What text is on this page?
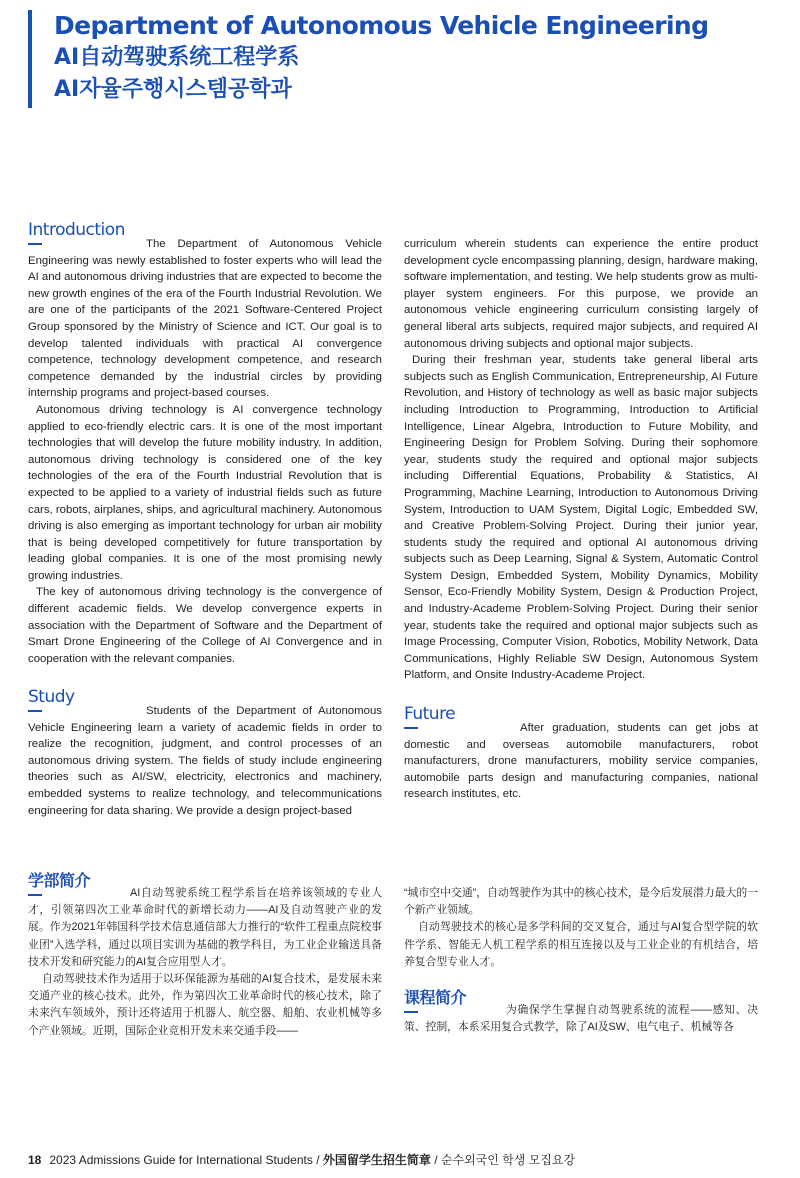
Department of Autonomous Vehicle Engineering
AI自动驾驶系统工程学系
AI자율주행시스템공학과
Introduction

The Department of Autonomous Vehicle Engineering was newly established to foster experts who will lead the AI and autonomous driving industries that are expected to become the new growth engines of the era of the Fourth Industrial Revolution. We are one of the participants of the 2021 Software-Centered Project Group sponsored by the Ministry of Science and ICT. Our goal is to develop talented individuals with practical AI convergence competence, technology development competence, and research competence demanded by the industrial circles by providing internship programs and project-based courses.

Autonomous driving technology is AI convergence technology applied to eco-friendly electric cars. It is one of the most important technologies that will develop the future mobility industry. In addition, autonomous driving technology is considered one of the key technologies of the era of the Fourth Industrial Revolution that is expected to be applied to a variety of industrial fields such as future cars, robots, airplanes, ships, and agricultural machinery. Autonomous driving is also emerging as important technology for urban air mobility that is being developed competitively for future transportation by leading global companies. It is one of the most promising newly growing industries.

The key of autonomous driving technology is the convergence of different academic fields. We develop convergence experts in association with the Department of Software and the Department of Smart Drone Engineering of the College of AI Convergence and in cooperation with the relevant companies.

Study

Students of the Department of Autonomous Vehicle Engineering learn a variety of academic fields in order to realize the recognition, judgment, and control processes of an autonomous driving system. The fields of study include engineering theories such as AI/SW, electricity, electronics and machinery, embedded systems to realize technology, and telecommunications engineering for data sharing. We provide a design project-based

curriculum wherein students can experience the entire product development cycle encompassing planning, design, hardware making, software implementation, and testing. We help students grow as multi-player system engineers. For this purpose, we provide an autonomous vehicle engineering curriculum consisting largely of general liberal arts subjects, required major subjects, and required AI autonomous driving subjects and optional major subjects.

During their freshman year, students take general liberal arts subjects such as English Communication, Entrepreneurship, AI Future Revolution, and History of technology as well as basic major subjects including Introduction to Programming, Introduction to Artificial Intelligence, Linear Algebra, Introduction to Future Mobility, and Engineering Design for Problem Solving. During their sophomore year, students study the required and optional major subjects including Differential Equations, Probability & Statistics, AI Programming, Machine Learning, Introduction to Autonomous Driving System, Introduction to UAM System, Digital Logic, Embedded SW, and Creative Problem-Solving Project. During their junior year, students study the required and optional AI autonomous driving subjects such as Deep Learning, Signal & System, Automatic Control System Design, Embedded System, Mobility Dynamics, Mobility Sensor, Eco-Friendly Mobility System, Design & Production Project, and Industry-Academe Problem-Solving Project. During their senior year, students take the required and optional major subjects such as Image Processing, Computer Vision, Robotics, Mobility Network, Data Communications, Highly Reliable SW Design, Autonomous System Platform, and Onsite Industry-Academe Project.

Future

After graduation, students can get jobs at domestic and overseas automobile manufacturers, robot manufacturers, drone manufacturers, mobility service companies, automobile parts design and manufacturing companies, national research institutes, etc.

学部简介

AI自动驾驶系统工程学系旨在培养该领域的专业人才，引领第四次工业革命时代的新增长动力——AI及自动驾驶产业的发展。作为2021年韩国科学技术信息通信部大力推行的“软件工程重点院校事业团”入选学科，通过以项目实训为基础的教学科目，为工业企业输送具备技术开发和研究能力的AI复合应用型人才。

自动驾驶技术作为适用于以环保能源为基础的AI复合技术，是发展未来交通产业的核心技术。此外，作为第四次工业革命时代的核心技术，除了未来汽车领域外，预计还将适用于机器人、航空器、船舶、农业机械等多个产业领域。近期，国际企业竞相开发未来交通手段——

“城市空中交通”，自动驾驶作为其中的核心技术，是今后发展潜力最大的一个新产业领域。

自动驾驶技术的核心是多学科间的交叉复合，通过与AI复合型学院的软件学系、智能无人机工程学系的相互连接以及与工业企业的有机结合，培养复合型专业人才。

课程简介

为确保学生掌握自动驾驶系统的流程——感知、决策、控制，本系采用复合式教学，除了AI及SW、电气电子、机械等各

18 2023 Admissions Guide for International Students / 外国留学生招生简章 / 순수외국인 학생 모집요강
